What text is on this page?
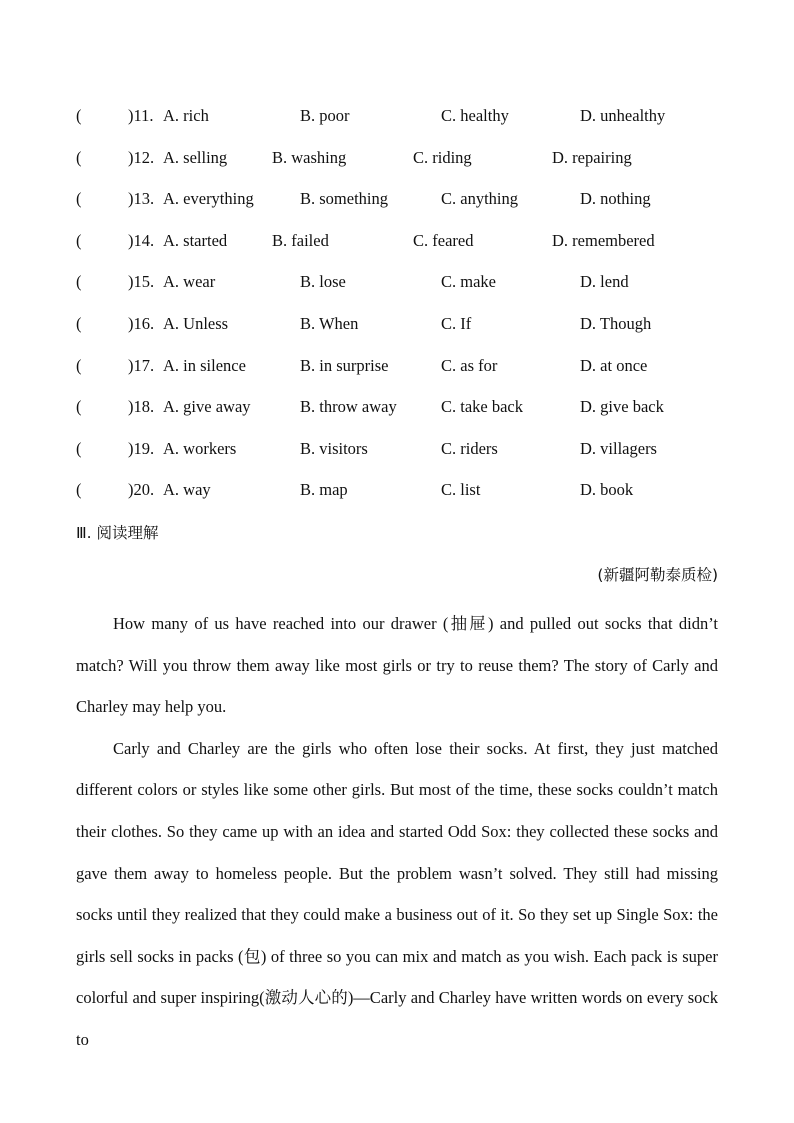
(	)11. A. rich	B. poor	C. healthy	D. unhealthy
(	)12. A. selling	B. washing	C. riding	D. repairing
(	)13. A. everything	B. something	C. anything	D. nothing
(	)14. A. started	B. failed	C. feared	D. remembered
(	)15. A. wear	B. lose	C. make	D. lend
(	)16. A. Unless	B. When	C. If	D. Though
(	)17. A. in silence	B. in surprise	C. as for	D. at once
(	)18. A. give away	B. throw away	C. take back	D. give back
(	)19. A. workers	B. visitors	C. riders	D. villagers
(	)20. A. way	B. map	C. list	D. book
Ⅲ. 阅读理解
(新疆阿勒泰质检)

How many of us have reached into our drawer (抽屉) and pulled out socks that didn’t match? Will you throw them away like most girls or try to reuse them? The story of Carly and Charley may help you.

Carly and Charley are the girls who often lose their socks. At first, they just matched different colors or styles like some other girls. But most of the time, these socks couldn’t match their clothes. So they came up with an idea and started Odd Sox: they collected these socks and gave them away to homeless people. But the problem wasn’t solved. They still had missing socks until they realized that they could make a business out of it. So they set up Single Sox: the girls sell socks in packs (包) of three so you can mix and match as you wish. Each pack is super colorful and super inspiring(激动人心的)—Carly and Charley have written words on every sock to
